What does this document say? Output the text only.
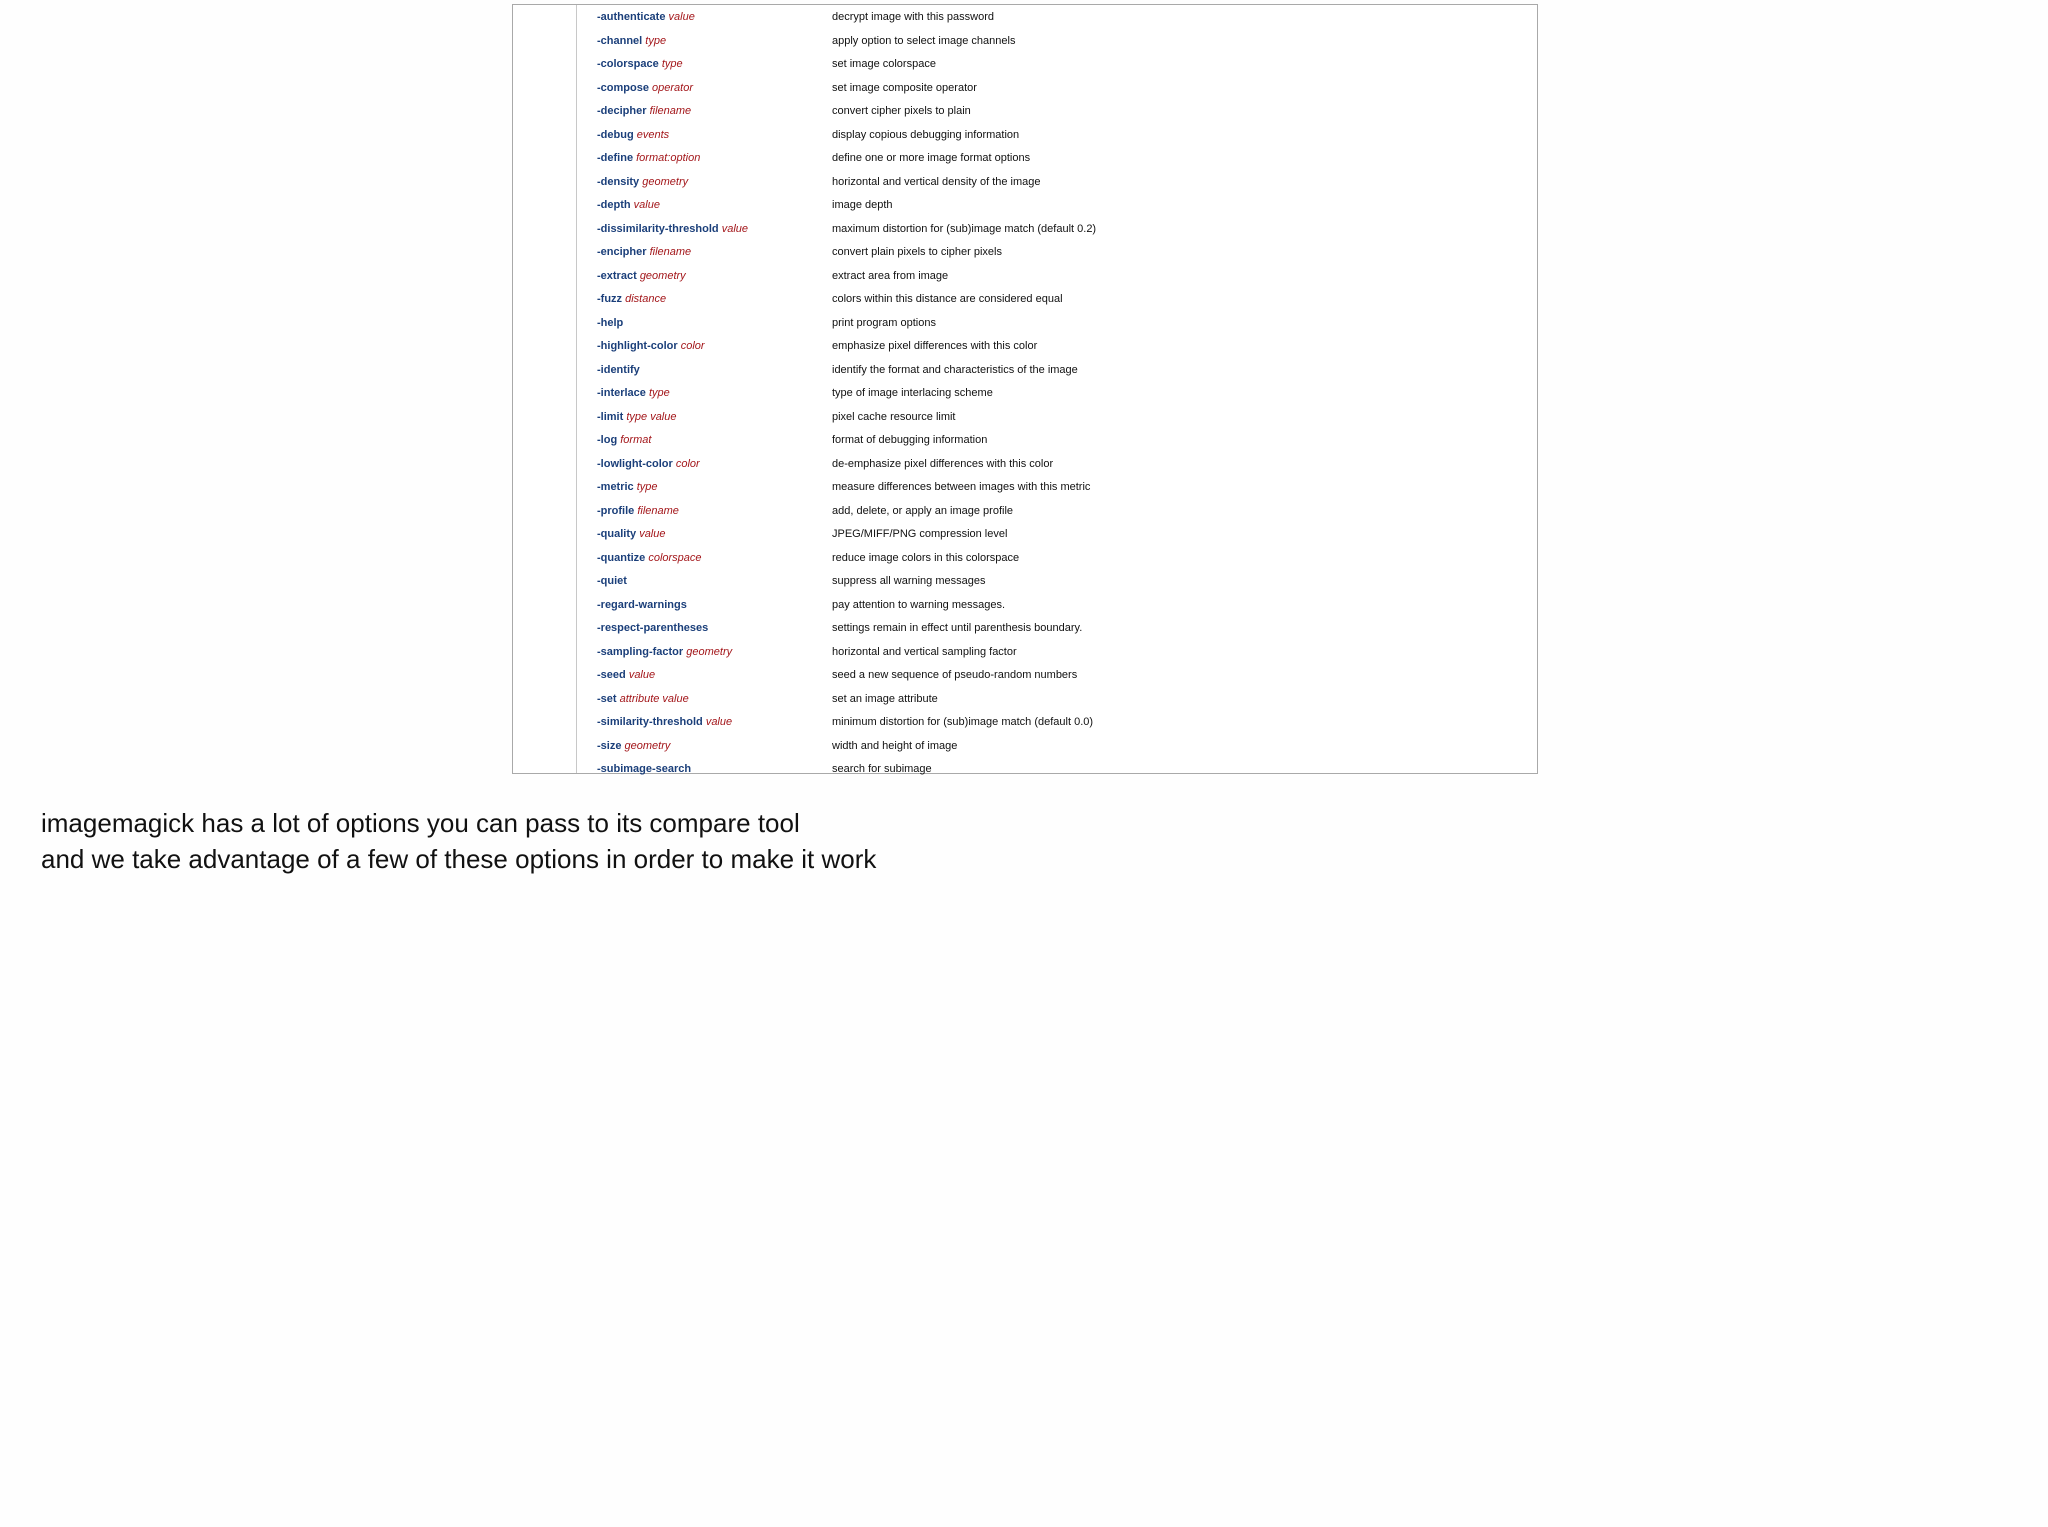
-authenticate value	decrypt image with this password
-channel type	apply option to select image channels
-colorspace type	set image colorspace
-compose operator	set image composite operator
-decipher filename	convert cipher pixels to plain
-debug events	display copious debugging information
-define format:option	define one or more image format options
-density geometry	horizontal and vertical density of the image
-depth value	image depth
-dissimilarity-threshold value	maximum distortion for (sub)image match (default 0.2)
-encipher filename	convert plain pixels to cipher pixels
-extract geometry	extract area from image
-fuzz distance	colors within this distance are considered equal
-help	print program options
-highlight-color color	emphasize pixel differences with this color
-identify	identify the format and characteristics of the image
-interlace type	type of image interlacing scheme
-limit type value	pixel cache resource limit
-log format	format of debugging information
-lowlight-color color	de-emphasize pixel differences with this color
-metric type	measure differences between images with this metric
-profile filename	add, delete, or apply an image profile
-quality value	JPEG/MIFF/PNG compression level
-quantize colorspace	reduce image colors in this colorspace
-quiet	suppress all warning messages
-regard-warnings	pay attention to warning messages.
-respect-parentheses	settings remain in effect until parenthesis boundary.
-sampling-factor geometry	horizontal and vertical sampling factor
-seed value	seed a new sequence of pseudo-random numbers
-set attribute value	set an image attribute
-similarity-threshold value	minimum distortion for (sub)image match (default 0.0)
-size geometry	width and height of image
-subimage-search	search for subimage

imagemagick has a lot of options you can pass to its compare tool

and we take advantage of a few of these options in order to make it work
